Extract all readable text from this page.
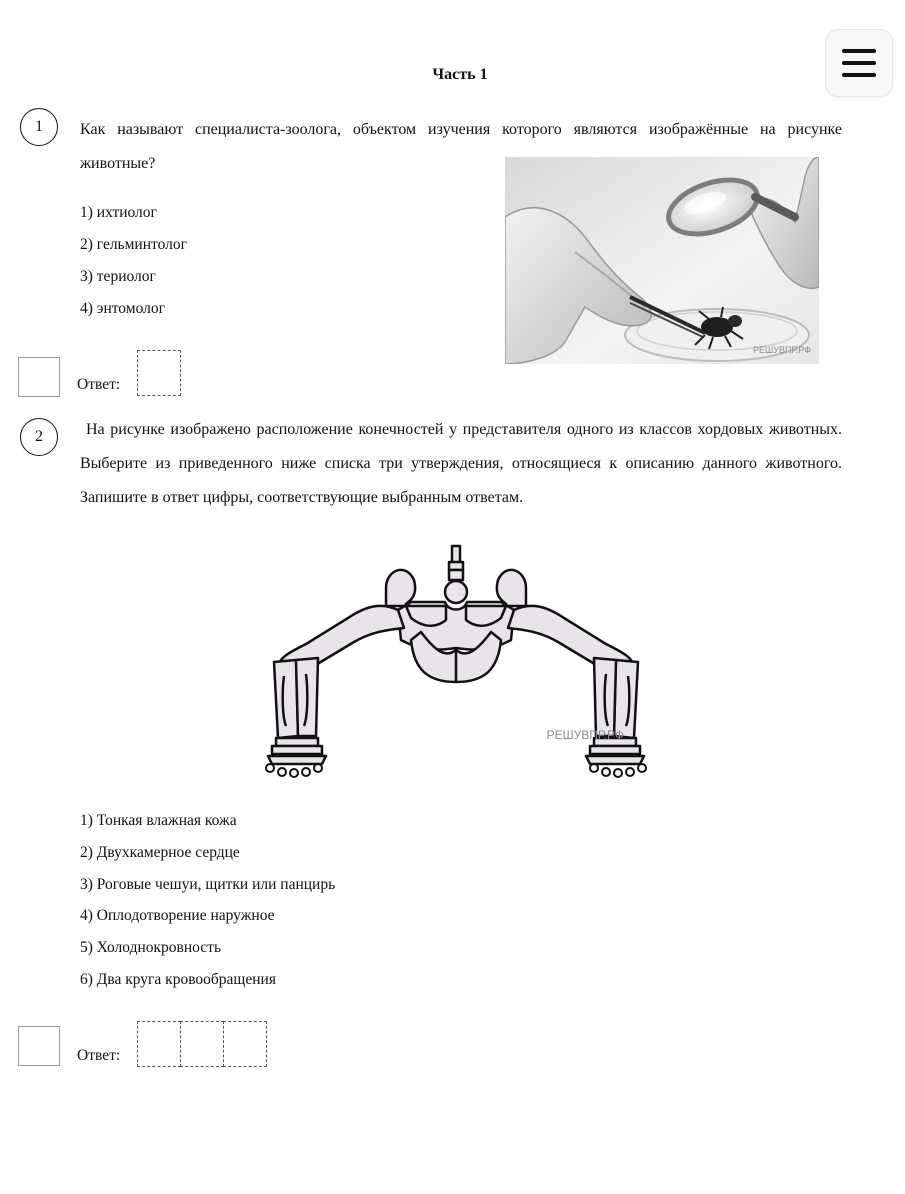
Часть 1
1	Как называют специалиста-зоолога, объектом изучения которого являются изображённые на рисунке животные?
1) ихтиолог
2) гельминтолог
3) териолог
4) энтомолог
РЕШУВПР.РФ
Ответ:
2	На рисунке изображено расположение конечностей у представителя одного из классов хордовых животных. Выберите из приведенного ниже списка три утверждения, относящиеся к описанию данного животного. Запишите в ответ цифры, соответствующие выбранным ответам.
РЕШУВПР.РФ
1) Тонкая влажная кожа
2) Двухкамерное сердце
3) Роговые чешуи, щитки или панцирь
4) Оплодотворение наружное
5) Холоднокровность
6) Два круга кровообращения
Ответ:
